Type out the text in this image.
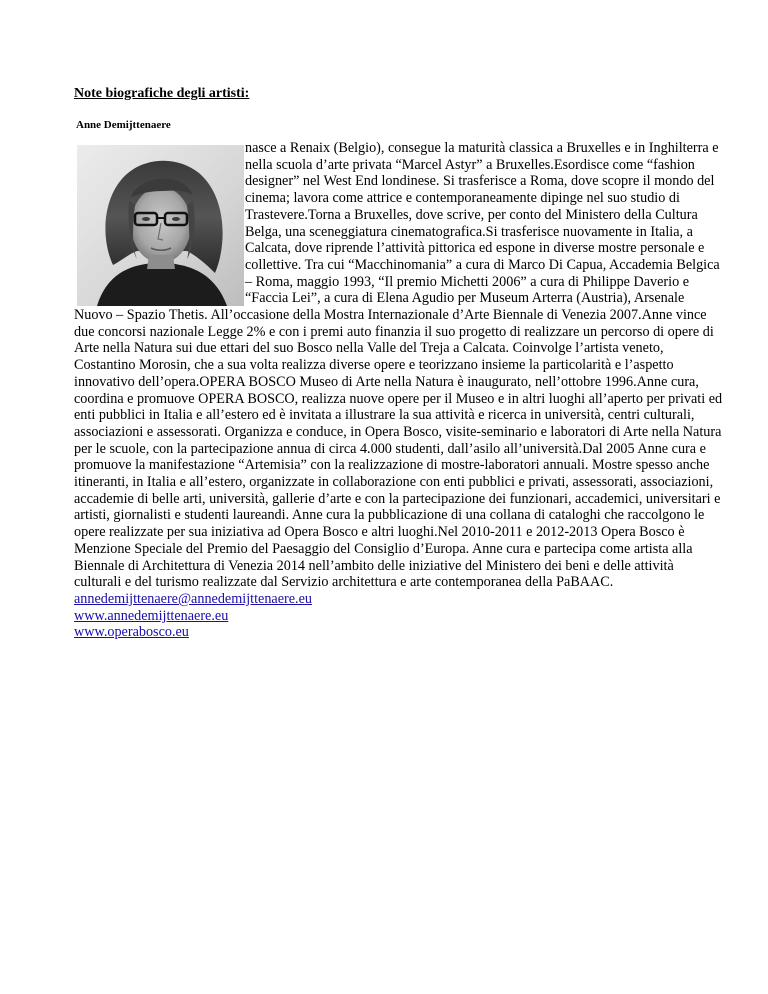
Note biografiche degli artisti:

Anne Demijttenaere

nasce a Renaix (Belgio), consegue la maturità classica a Bruxelles e in Inghilterra e nella scuola d’arte privata “Marcel Astyr” a Bruxelles.Esordisce come “fashion designer” nel West End londinese. Si trasferisce a Roma, dove scopre il mondo del cinema; lavora come attrice e contemporaneamente dipinge nel suo studio di Trastevere.Torna a Bruxelles, dove scrive, per conto del Ministero della Cultura Belga, una sceneggiatura cinematografica.Si trasferisce nuovamente in Italia, a Calcata, dove riprende l’attività pittorica ed espone in diverse mostre personale e collettive. Tra cui “Macchinomania” a cura di Marco Di Capua, Accademia Belgica – Roma, maggio 1993, “Il premio Michetti 2006” a cura di Philippe Daverio e “Faccia Lei”, a cura di Elena Agudio per Museum Arterra (Austria), Arsenale Nuovo – Spazio Thetis. All’occasione della Mostra Internazionale d’Arte Biennale di Venezia 2007.Anne vince due concorsi nazionale Legge 2% e con i premi auto finanzia il suo progetto di realizzare un percorso di opere di Arte nella Natura sui due ettari del suo Bosco nella Valle del Treja a Calcata. Coinvolge l’artista veneto, Costantino Morosin, che a sua volta realizza diverse opere e teorizzano insieme la particolarità e l’aspetto innovativo dell’opera.OPERA BOSCO Museo di Arte nella Natura è inaugurato, nell’ottobre 1996.Anne cura, coordina e promuove OPERA BOSCO, realizza nuove opere per il Museo e in altri luoghi all’aperto per privati ed enti pubblici in Italia e all’estero ed è invitata a illustrare la sua attività e ricerca in università, centri culturali, associazioni e assessorati. Organizza e conduce, in Opera Bosco, visite-seminario e laboratori di Arte nella Natura per le scuole, con la partecipazione annua di circa 4.000 studenti, dall’asilo all’università.Dal 2005 Anne cura e promuove la manifestazione “Artemisia” con la realizzazione di mostre-laboratori annuali. Mostre spesso anche itineranti, in Italia e all’estero, organizzate in collaborazione con enti pubblici e privati, assessorati, associazioni, accademie di belle arti, università, gallerie d’arte e con la partecipazione dei funzionari, accademici, universitari e artisti, giornalisti e studenti laureandi. Anne cura la pubblicazione di una collana di cataloghi che raccolgono le opere realizzate per sua iniziativa ad Opera Bosco e altri luoghi.Nel 2010-2011 e 2012-2013 Opera Bosco è Menzione Speciale del Premio del Paesaggio del Consiglio d’Europa. Anne cura e partecipa come artista alla Biennale di Architettura di Venezia 2014 nell’ambito delle iniziative del Ministero dei beni e delle attività culturali e del turismo realizzate dal Servizio architettura e arte contemporanea della PaBAAC.
annedemijttenaere@annedemijttenaere.eu
www.annedemijttenaere.eu
www.operabosco.eu
